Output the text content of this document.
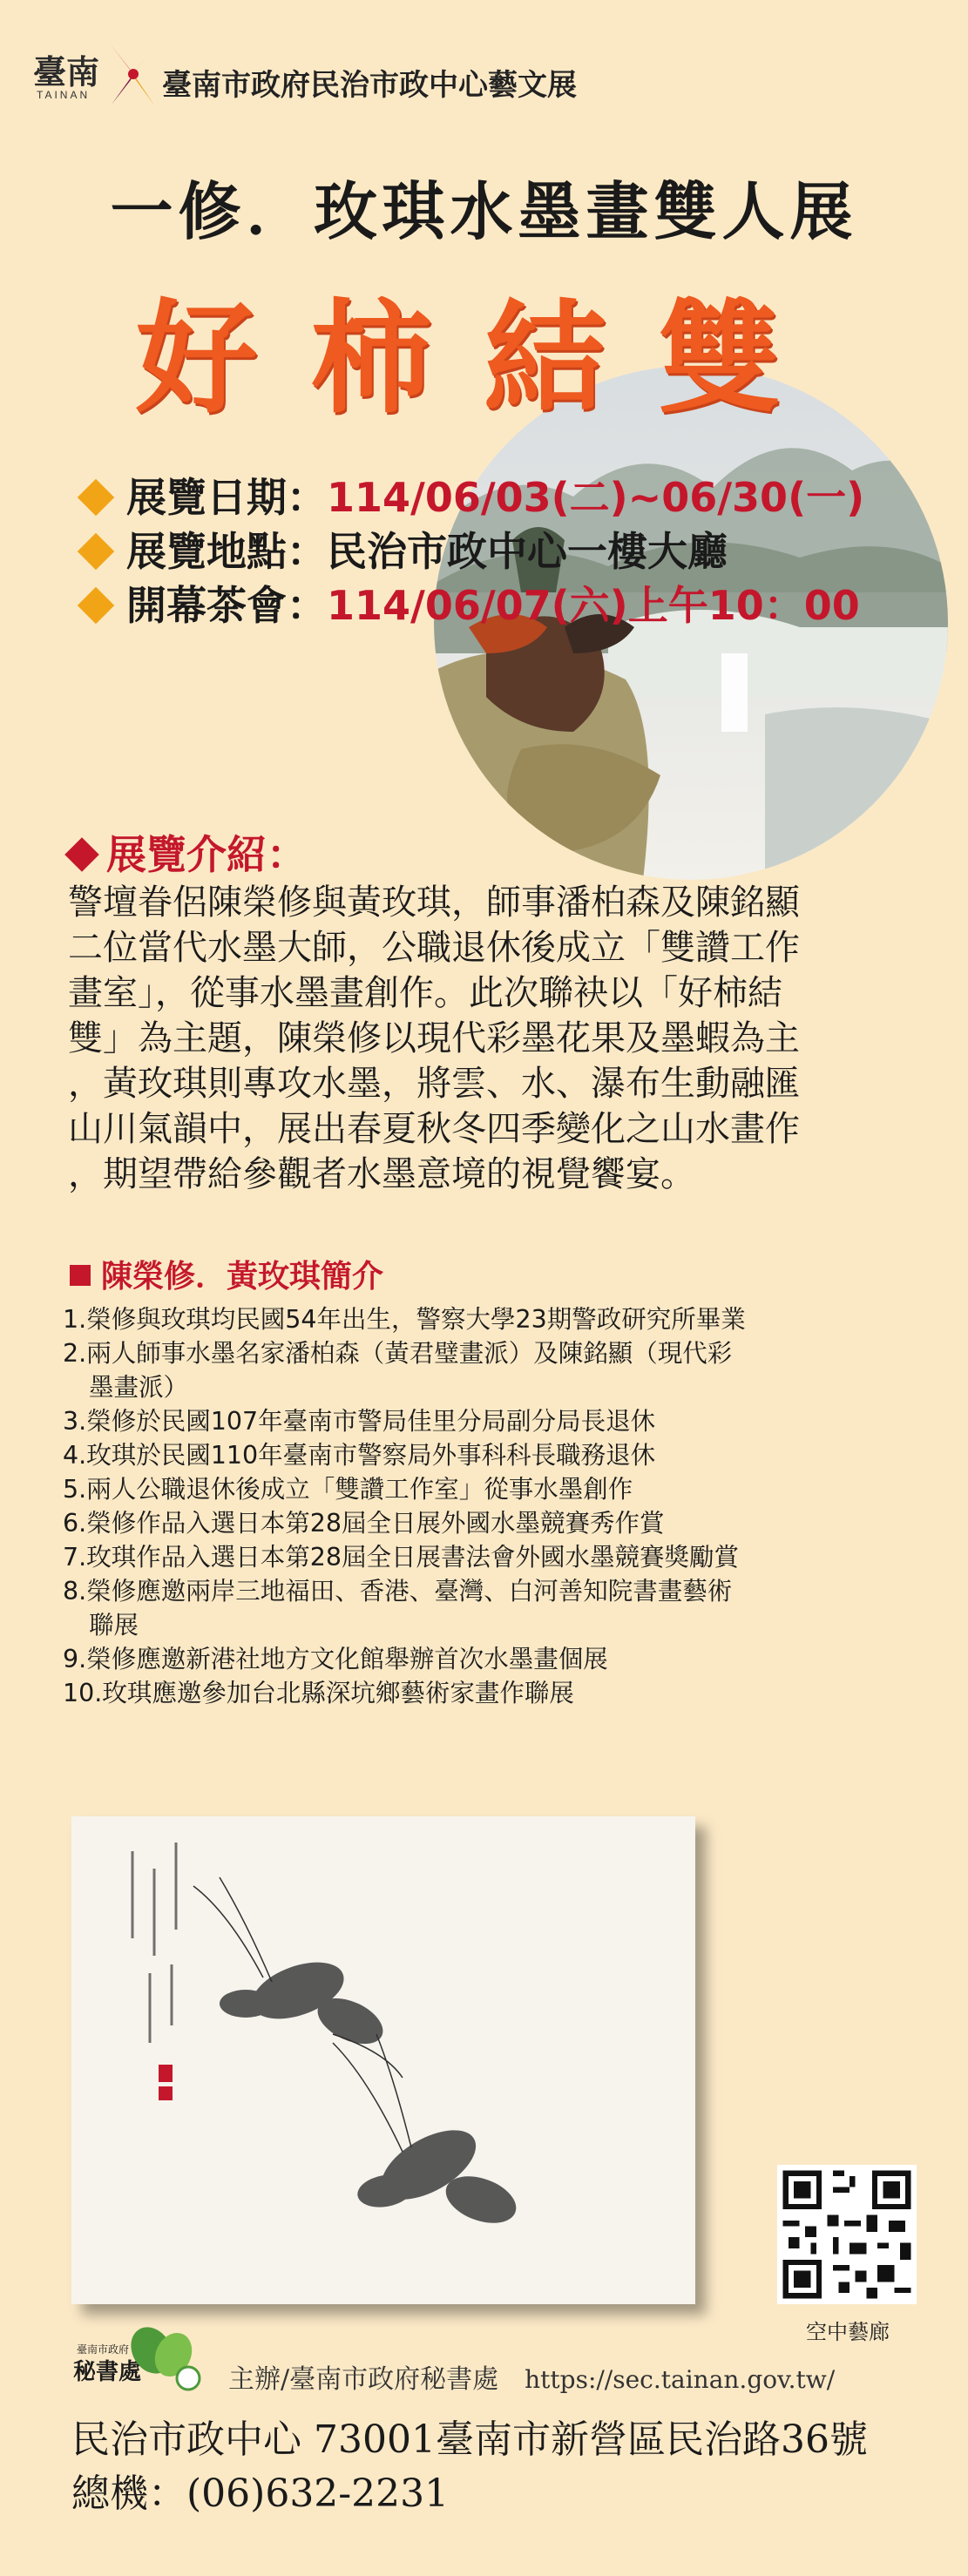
臺南
TAINAN 臺南市政府民治市政中心藝文展
一修．玫琪水墨畫雙人展
好柿結雙
展覽日期：114/06/03(二)~06/30(一)
展覽地點：民治市政中心一樓大廳
開幕茶會：114/06/07(六)上午10：00
展覽介紹：
警壇眷侶陳榮修與黃玫琪，師事潘柏森及陳銘顯
二位當代水墨大師，公職退休後成立「雙讚工作
畫室」，從事水墨畫創作。此次聯袂以「好柿結
雙」為主題，陳榮修以現代彩墨花果及墨蝦為主
，黃玫琪則專攻水墨，將雲、水、瀑布生動融匯
山川氣韻中，展出春夏秋冬四季變化之山水畫作
，期望帶給參觀者水墨意境的視覺饗宴。
陳榮修．黃玫琪簡介
1.榮修與玫琪均民國54年出生，警察大學23期警政研究所畢業
2.兩人師事水墨名家潘柏森（黃君璧畫派）及陳銘顯（現代彩
墨畫派）
3.榮修於民國107年臺南市警局佳里分局副分局長退休
4.玫琪於民國110年臺南市警察局外事科科長職務退休
5.兩人公職退休後成立「雙讚工作室」從事水墨創作
6.榮修作品入選日本第28屆全日展外國水墨競賽秀作賞
7.玫琪作品入選日本第28屆全日展書法會外國水墨競賽獎勵賞
8.榮修應邀兩岸三地福田、香港、臺灣、白河善知院書畫藝術
聯展
9.榮修應邀新港社地方文化館舉辦首次水墨畫個展
10.玫琪應邀參加台北縣深坑鄉藝術家畫作聯展
空中藝廊
臺南市政府
秘書處	主辦/臺南市政府秘書處 https://sec.tainan.gov.tw/
民治市政中心 73001臺南市新營區民治路36號
總機：(06)632-2231
